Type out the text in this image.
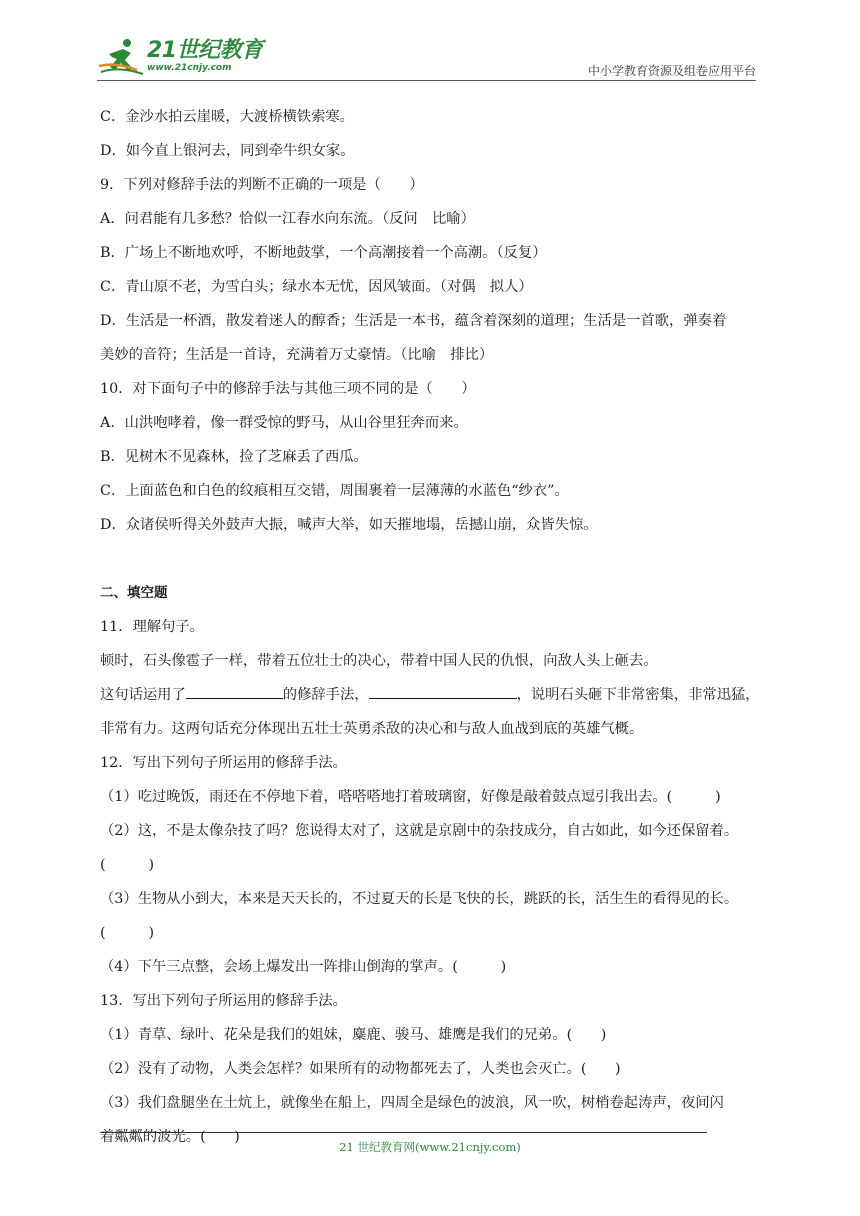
21世纪教育
www.21cnjy.com	中小学教育资源及组卷应用平台
C．金沙水拍云崖暖，大渡桥横铁索寒。
D．如今直上银河去，同到牵牛织女家。
9．下列对修辞手法的判断不正确的一项是（　　）
A．问君能有几多愁？恰似一江春水向东流。（反问　比喻）
B．广场上不断地欢呼，不断地鼓掌，一个高潮接着一个高潮。（反复）
C．青山原不老，为雪白头；绿水本无忧，因风皱面。（对偶　拟人）
D．生活是一杯酒，散发着迷人的醇香；生活是一本书，蕴含着深刻的道理；生活是一首歌，弹奏着
美妙的音符；生活是一首诗，充满着万丈豪情。（比喻　排比）
10．对下面句子中的修辞手法与其他三项不同的是（　　）
A．山洪咆哮着，像一群受惊的野马，从山谷里狂奔而来。
B．见树木不见森林，捡了芝麻丢了西瓜。
C．上面蓝色和白色的纹痕相互交错，周围裹着一层薄薄的水蓝色“纱衣”。
D．众诸侯听得关外鼓声大振，喊声大举，如天摧地塌，岳撼山崩，众皆失惊。
二、填空题
11．理解句子。
顿时，石头像雹子一样，带着五位壮士的决心，带着中国人民的仇恨，向敌人头上砸去。
这句话运用了	的修辞手法，	，说明石头砸下非常密集，非常迅猛，
非常有力。这两句话充分体现出五壮士英勇杀敌的决心和与敌人血战到底的英雄气概。
12．写出下列句子所运用的修辞手法。
（1）吃过晚饭，雨还在不停地下着，嗒嗒嗒地打着玻璃窗，好像是敲着鼓点逗引我出去。(　　　)
（2）这，不是太像杂技了吗？您说得太对了，这就是京剧中的杂技成分，自古如此，如今还保留着。
(　　　)
（3）生物从小到大，本来是天天长的，不过夏天的长是飞快的长，跳跃的长，活生生的看得见的长。
(　　　)
（4）下午三点整，会场上爆发出一阵排山倒海的掌声。(　　　)
13．写出下列句子所运用的修辞手法。
（1）青草、绿叶、花朵是我们的姐妹，麋鹿、骏马、雄鹰是我们的兄弟。(　　)
（2）没有了动物，人类会怎样？如果所有的动物都死去了，人类也会灭亡。(　　)
（3）我们盘腿坐在土炕上，就像坐在船上，四周全是绿色的波浪，风一吹，树梢卷起涛声，夜间闪
着粼粼的波光。(　　)
21 世纪教育网(www.21cnjy.com)
